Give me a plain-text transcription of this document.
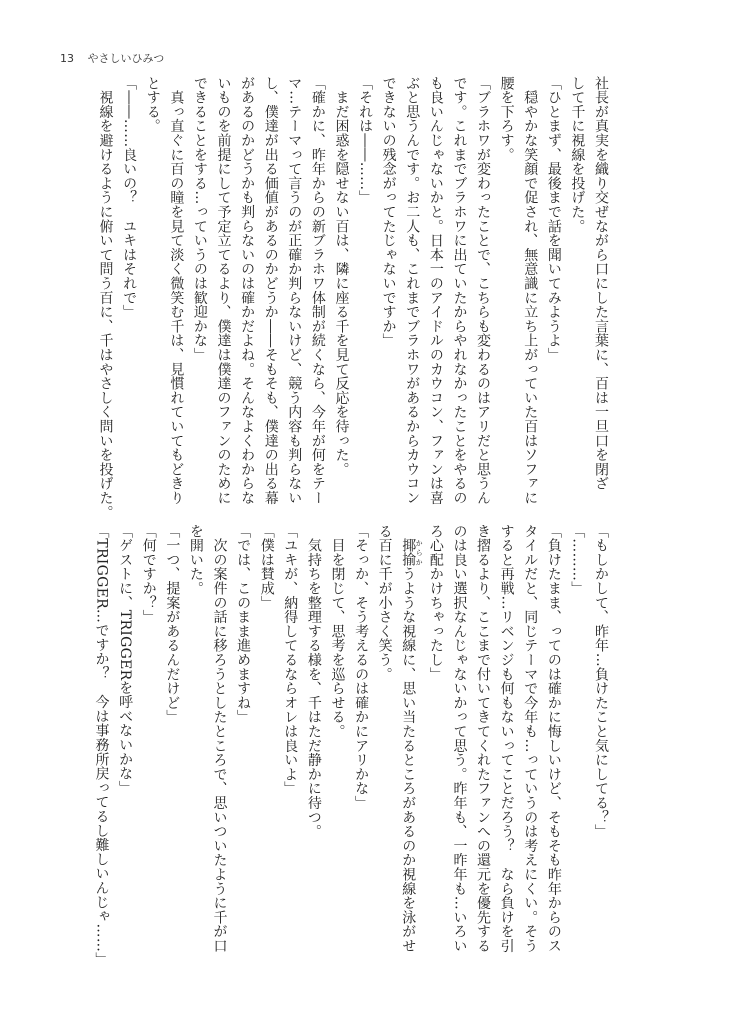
13 やさしいひみつ
社長が真実を織り交ぜながら口にした言葉に、百は一旦口を閉ざ
して千に視線を投げた。
「ひとまず、最後まで話を聞いてみようよ」
　穏やかな笑顔で促され、無意識に立ち上がっていた百はソファに
腰を下ろす。
「ブラホワが変わったことで、こちらも変わるのはアリだと思うん
です。これまでブラホワに出ていたからやれなかったことをやるの
も良いんじゃないかと。日本一のアイドルのカウコン、ファンは喜
ぶと思うんです。お二人も、これまでブラホワがあるからカウコン
できないの残念がってたじゃないですか」
「それは――……」
　まだ困惑を隠せない百は、隣に座る千を見て反応を待った。
「確かに、昨年からの新ブラホワ体制が続くなら、今年が何をテー
マ…テーマって言うのが正確か判らないけど、競う内容も判らない
し、僕達が出る価値があるのかどうか――そもそも、僕達の出る幕
があるのかどうかも判らないのは確かだよね。そんなよくわからな
いものを前提にして予定立てるより、僕達は僕達のファンのために
できることをする…っていうのは歓迎かな」
　真っ直ぐに百の瞳を見て淡く微笑む千は、見慣れていてもどきり
とする。
「――……良いの？　ユキはそれで」
　視線を避けるように俯いて問う百に、千はやさしく問いを投げた。
「もしかして、昨年…負けたこと気にしてる？」
「………」
「負けたまま、ってのは確かに悔しいけど、そもそも昨年からのス
タイルだと、同じテーマで今年も…っていうのは考えにくい。そう
すると再戦…リベンジも何もないってことだろう？　なら負けを引
き摺るより、ここまで付いてきてくれたファンへの還元を優先する
のは良い選択なんじゃないかって思う。昨年も、一昨年も…いろい
ろ心配かけちゃったし」
　揶揄 からかうような視線に、思い当たるところがあるのか視線を泳がせ
る百に千が小さく笑う。
「そっか、そう考えるのは確かにアリかな」
　目を閉じて、思考を巡らせる。
　気持ちを整理する様を、千はただ静かに待つ。
「ユキが、納得してるならオレは良いよ」
「僕は賛成」
「では、このまま進めますね」
　次の案件の話に移ろうとしたところで、思いついたように千が口
を開いた。
「一つ、提案があるんだけど」
「何ですか？」
「ゲストに、TRIGGERを呼べないかな」
「TRIGGER…ですか？　今は事務所戻ってるし難しいんじゃ……」
